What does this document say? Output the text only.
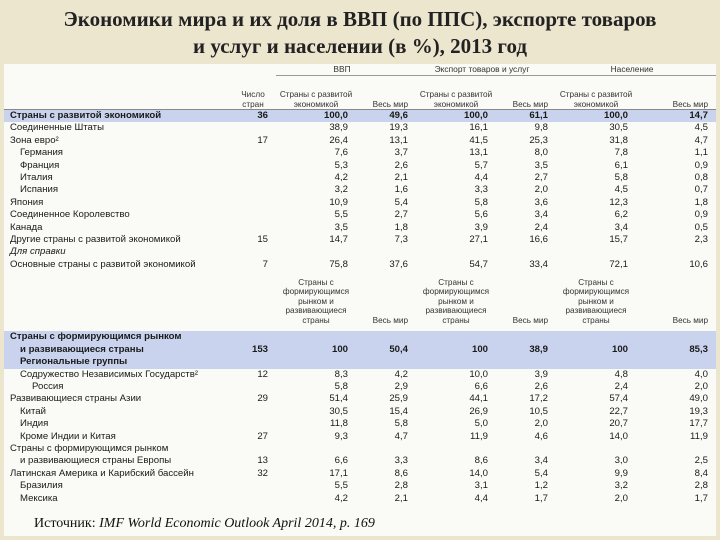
Экономики мира и их доля в ВВП (по ППС), экспорте товаров
и услуг и населении (в %), 2013 год
		ВВП		Экспорт товаров и услуг		Население	
	Число стран	Страны с развитой экономикой	Весь мир	Страны с развитой экономикой	Весь мир	Страны с развитой экономикой	Весь мир
Страны с развитой экономикой	36	100,0	49,6	100,0	61,1	100,0	14,7
Соединенные Штаты		38,9	19,3	16,1	9,8	30,5	4,5
Зона евро²	17	26,4	13,1	41,5	25,3	31,8	4,7
Германия		7,6	3,7	13,1	8,0	7,8	1,1
Франция		5,3	2,6	5,7	3,5	6,1	0,9
Италия		4,2	2,1	4,4	2,7	5,8	0,8
Испания		3,2	1,6	3,3	2,0	4,5	0,7
Япония		10,9	5,4	5,8	3,6	12,3	1,8
Соединенное Королевство		5,5	2,7	5,6	3,4	6,2	0,9
Канада		3,5	1,8	3,9	2,4	3,4	0,5
Другие страны с развитой экономикой	15	14,7	7,3	27,1	16,6	15,7	2,3
Для справки							
Основные страны с развитой экономикой	7	75,8	37,6	54,7	33,4	72,1	10,6

		Страны с формирующимся рынком и развивающиеся страны	Весь мир	Страны с формирующимся рынком и развивающиеся страны	Весь мир	Страны с формирующимся рынком и развивающиеся страны	Весь мир

Страны с формирующимся рынком							
и развивающиеся страны	153	100	50,4	100	38,9	100	85,3
Региональные группы							
Содружество Независимых Государств²	12	8,3	4,2	10,0	3,9	4,8	4,0
Россия		5,8	2,9	6,6	2,6	2,4	2,0
Развивающиеся страны Азии	29	51,4	25,9	44,1	17,2	57,4	49,0
Китай		30,5	15,4	26,9	10,5	22,7	19,3
Индия		11,8	5,8	5,0	2,0	20,7	17,7
Кроме Индии и Китая	27	9,3	4,7	11,9	4,6	14,0	11,9
Страны с формирующимся рынком							
и развивающиеся страны Европы	13	6,6	3,3	8,6	3,4	3,0	2,5
Латинская Америка и Карибский бассейн	32	17,1	8,6	14,0	5,4	9,9	8,4
Бразилия		5,5	2,8	3,1	1,2	3,2	2,8
Мексика		4,2	2,1	4,4	1,7	2,0	1,7
Источник: IMF World Economic Outlook April 2014, p. 169
